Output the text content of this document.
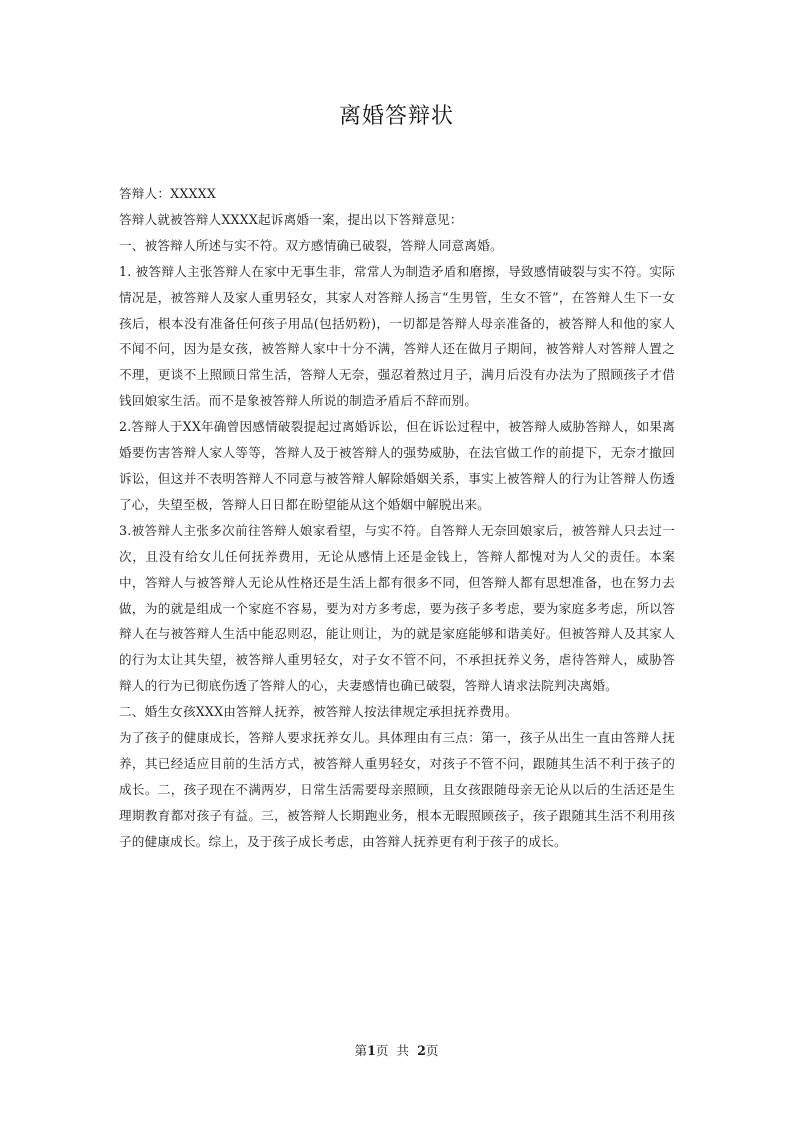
离婚答辩状

答辩人：XXXXX

答辩人就被答辩人XXXX起诉离婚一案，提出以下答辩意见：

一、被答辩人所述与实不符。双方感情确已破裂，答辩人同意离婚。

1. 被答辩人主张答辩人在家中无事生非，常常人为制造矛盾和磨擦，导致感情破裂与实不符。实际情况是，被答辩人及家人重男轻女，其家人对答辩人扬言“生男管，生女不管”，在答辩人生下一女孩后，根本没有准备任何孩子用品(包括奶粉)，一切都是答辩人母亲准备的，被答辩人和他的家人不闻不问，因为是女孩，被答辩人家中十分不满，答辩人还在做月子期间，被答辩人对答辩人置之不理，更谈不上照顾日常生活，答辩人无奈，强忍着熬过月子，满月后没有办法为了照顾孩子才借钱回娘家生活。而不是象被答辩人所说的制造矛盾后不辞而别。

2.答辩人于XX年确曾因感情破裂提起过离婚诉讼，但在诉讼过程中，被答辩人威胁答辩人，如果离婚要伤害答辩人家人等等，答辩人及于被答辩人的强势威胁，在法官做工作的前提下，无奈才撤回诉讼，但这并不表明答辩人不同意与被答辩人解除婚姻关系，事实上被答辩人的行为让答辩人伤透了心，失望至极，答辩人日日都在盼望能从这个婚姻中解脱出来。

3.被答辩人主张多次前往答辩人娘家看望，与实不符。自答辩人无奈回娘家后，被答辩人只去过一次，且没有给女儿任何抚养费用，无论从感情上还是金钱上，答辩人都愧对为人父的责任。本案中，答辩人与被答辩人无论从性格还是生活上都有很多不同，但答辩人都有思想准备，也在努力去做，为的就是组成一个家庭不容易，要为对方多考虑，要为孩子多考虑，要为家庭多考虑，所以答辩人在与被答辩人生活中能忍则忍，能让则让，为的就是家庭能够和谐美好。但被答辩人及其家人的行为太让其失望，被答辩人重男轻女，对子女不管不问，不承担抚养义务，虐待答辩人，威胁答辩人的行为已彻底伤透了答辩人的心，夫妻感情也确已破裂，答辩人请求法院判决离婚。

二、婚生女孩XXX由答辩人抚养，被答辩人按法律规定承担抚养费用。

为了孩子的健康成长，答辩人要求抚养女儿。具体理由有三点：第一，孩子从出生一直由答辩人抚养，其已经适应目前的生活方式，被答辩人重男轻女，对孩子不管不问，跟随其生活不利于孩子的成长。二，孩子现在不满两岁，日常生活需要母亲照顾，且女孩跟随母亲无论从以后的生活还是生理期教育都对孩子有益。三，被答辩人长期跑业务，根本无暇照顾孩子，孩子跟随其生活不利用孩子的健康成长。综上，及于孩子成长考虑，由答辩人抚养更有利于孩子的成长。

第1页 共 2页
